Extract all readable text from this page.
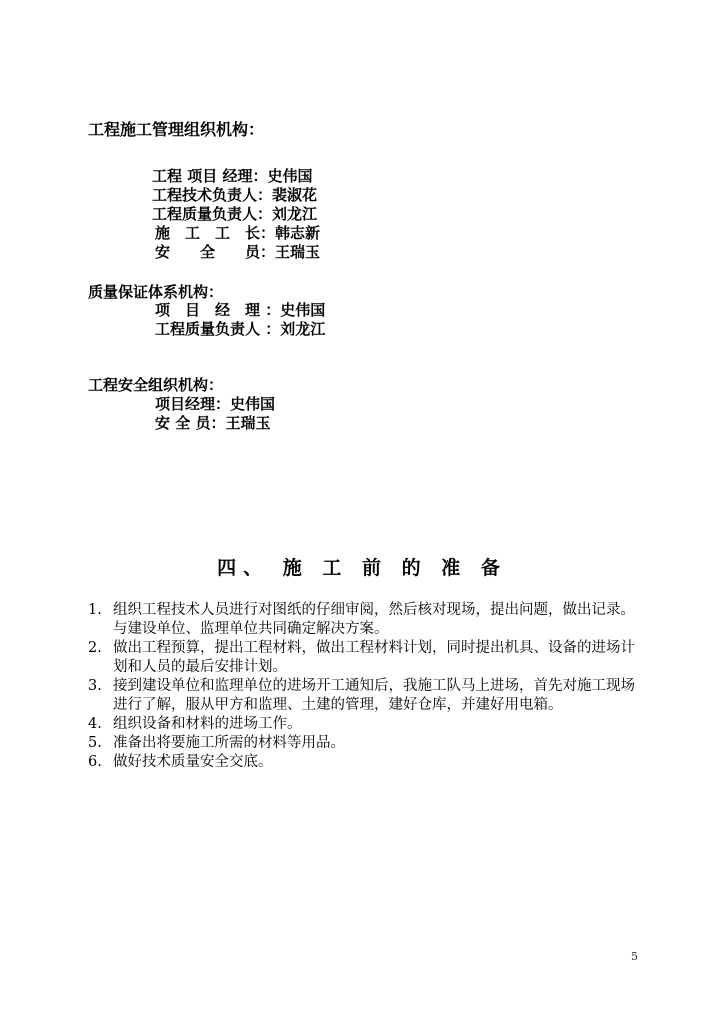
工程施工管理组织机构：
工程 项目 经理：史伟国
工程技术负责人：裴淑花
工程质量负责人：刘龙江
施　工　工　长：韩志新
安　　全　　员：王瑞玉
质量保证体系机构：
项　目　经　理 ：史伟国
工程质量负责人 ：刘龙江
工程安全组织机构：
项目经理：史伟国
安 全 员：王瑞玉
四、 施 工 前 的 准 备
1. 组织工程技术人员进行对图纸的仔细审阅，然后核对现场，提出问题，做出记录。与建设单位、监理单位共同确定解决方案。
2. 做出工程预算，提出工程材料，做出工程材料计划，同时提出机具、设备的进场计划和人员的最后安排计划。
3. 接到建设单位和监理单位的进场开工通知后，我施工队马上进场，首先对施工现场进行了解，服从甲方和监理、土建的管理，建好仓库，并建好用电箱。
4. 组织设备和材料的进场工作。
5. 准备出将要施工所需的材料等用品。
6. 做好技术质量安全交底。
5
